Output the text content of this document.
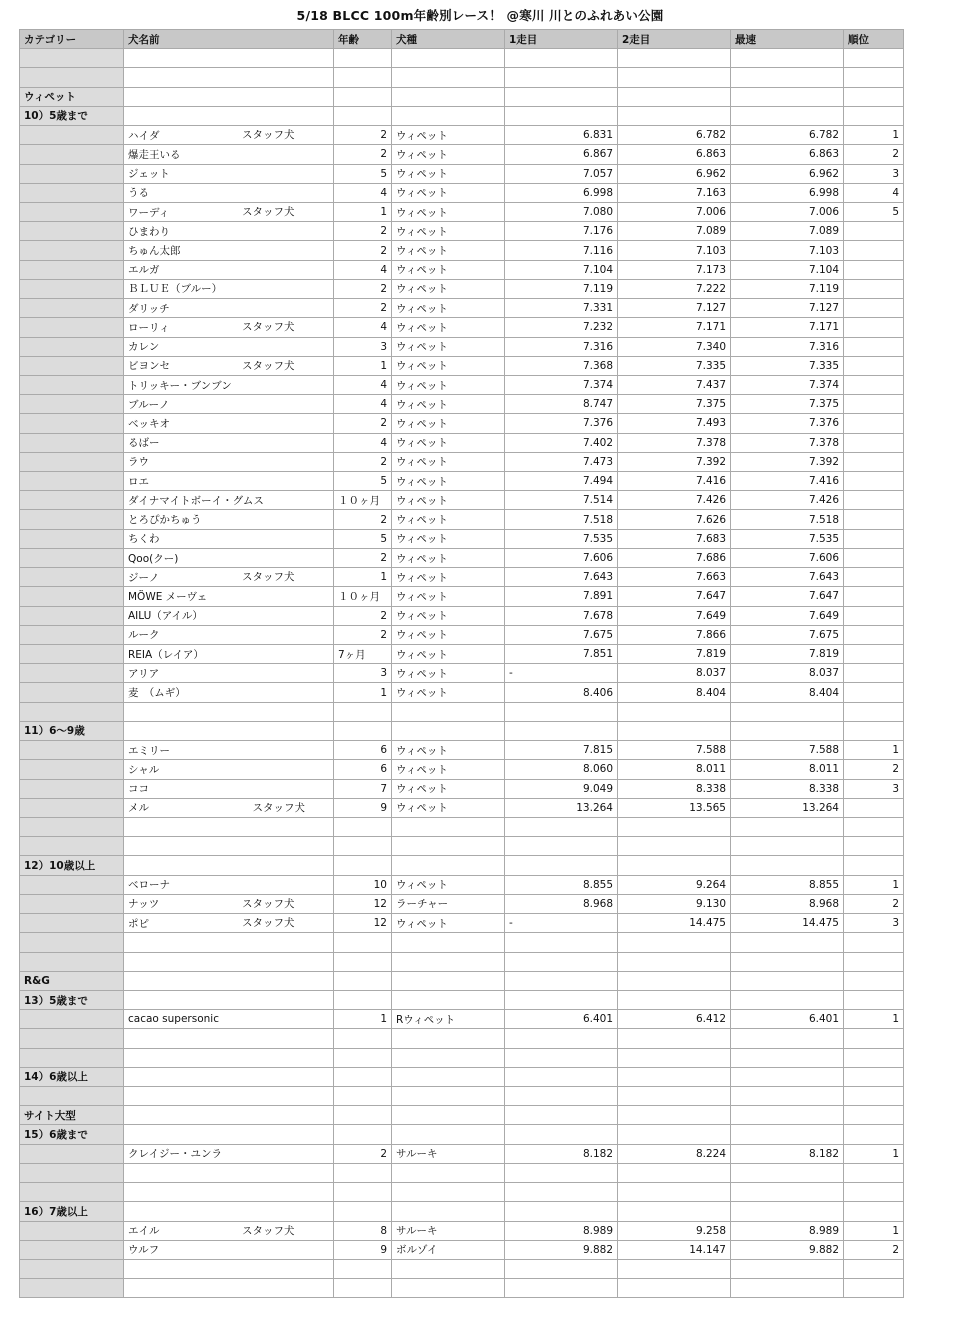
5/18 BLCC 100m年齢別レース！ @寒川 川とのふれあい公園
カテゴリー	犬名前	年齢	犬種	1走目	2走目	最速	順位

ウィペット							
10）5歳まで							
	ハイダ スタッフ犬	2	ウィペット	6.831	6.782	6.782	1
	爆走王いる	2	ウィペット	6.867	6.863	6.863	2
	ジェット	5	ウィペット	7.057	6.962	6.962	3
	うる	4	ウィペット	6.998	7.163	6.998	4
	ワーディ スタッフ犬	1	ウィペット	7.080	7.006	7.006	5
	ひまわり	2	ウィペット	7.176	7.089	7.089	
	ちゅん太郎	2	ウィペット	7.116	7.103	7.103	
	エルガ	4	ウィペット	7.104	7.173	7.104	
	ＢＬＵＥ（ブルー）	2	ウィペット	7.119	7.222	7.119	
	ダリッチ	2	ウィペット	7.331	7.127	7.127	
	ローリィ スタッフ犬	4	ウィペット	7.232	7.171	7.171	
	カレン	3	ウィペット	7.316	7.340	7.316	
	ビヨンセ スタッフ犬	1	ウィペット	7.368	7.335	7.335	
	トリッキー・ブンブン	4	ウィペット	7.374	7.437	7.374	
	ブルーノ	4	ウィペット	8.747	7.375	7.375	
	ベッキオ	2	ウィペット	7.376	7.493	7.376	
	るばー	4	ウィペット	7.402	7.378	7.378	
	ラウ	2	ウィペット	7.473	7.392	7.392	
	ロエ	5	ウィペット	7.494	7.416	7.416	
	ダイナマイトボーイ・グムス	１０ヶ月	ウィペット	7.514	7.426	7.426	
	とろぴかちゅう	2	ウィペット	7.518	7.626	7.518	
	ちくわ	5	ウィペット	7.535	7.683	7.535	
	Qoo(クー)	2	ウィペット	7.606	7.686	7.606	
	ジーノ スタッフ犬	1	ウィペット	7.643	7.663	7.643	
	MÖWE メーヴェ	１０ヶ月	ウィペット	7.891	7.647	7.647	
	AILU（アイル）	2	ウィペット	7.678	7.649	7.649	
	ルーク	2	ウィペット	7.675	7.866	7.675	
	REIA（レイア）	7ヶ月	ウィペット	7.851	7.819	7.819	
	アリア	3	ウィペット	-	8.037	8.037	
	麦　（ムギ）	1	ウィペット	8.406	8.404	8.404	

11）6～9歳							
	エミリー	6	ウィペット	7.815	7.588	7.588	1
	シャル	6	ウィペット	8.060	8.011	8.011	2
	ココ	7	ウィペット	9.049	8.338	8.338	3
	メル 　スタッフ犬	9	ウィペット	13.264	13.565	13.264	

12）10歳以上							
	ベローナ	10	ウィペット	8.855	9.264	8.855	1
	ナッツ スタッフ犬	12	ラーチャー	8.968	9.130	8.968	2
	ポピ スタッフ犬	12	ウィペット	-	14.475	14.475	3

R&G							
13）5歳まで							
	cacao supersonic	1	Rウィペット	6.401	6.412	6.401	1

14）6歳以上							

サイト大型							
15）6歳まで							
	クレイジー・ユンラ	2	サルーキ	8.182	8.224	8.182	1

16）7歳以上							
	エイル スタッフ犬	8	サルーキ	8.989	9.258	8.989	1
	ウルフ	9	ボルゾイ	9.882	14.147	9.882	2
